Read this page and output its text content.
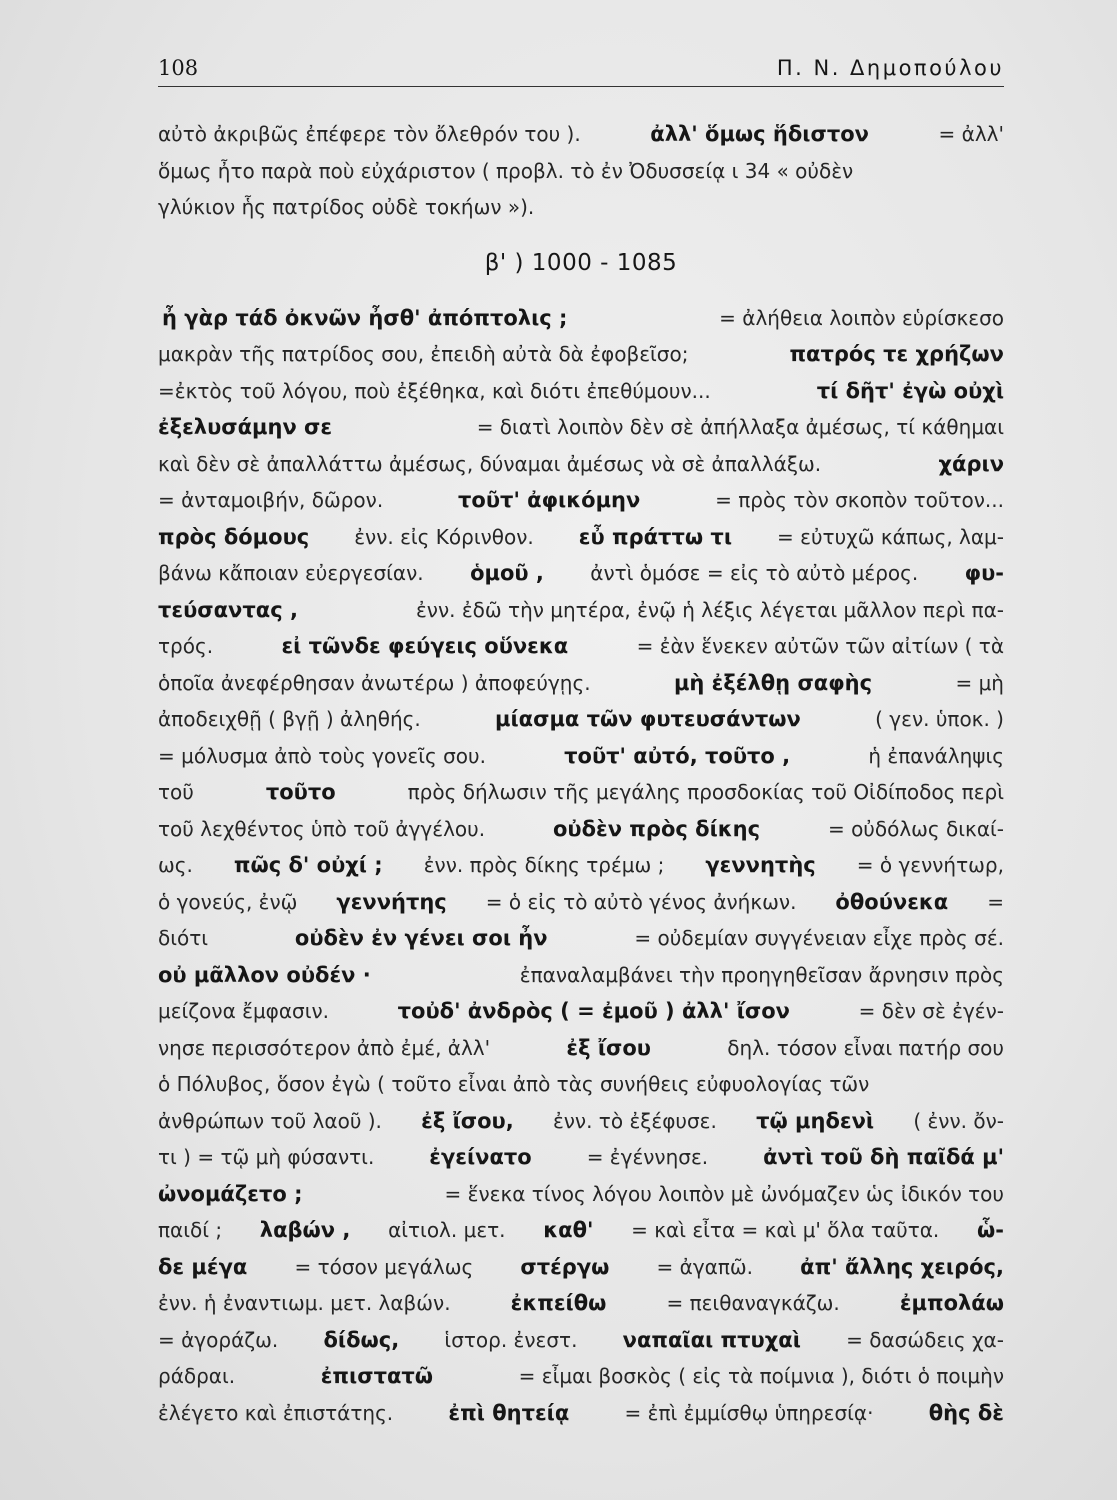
108	Π. Ν. Δημοπούλου
αὐτὸ ἀκριβῶς ἐπέφερε τὸν ὄλεθρόν του ).	ἀλλ' ὅμως ἥδιστον	= ἀλλ'
ὅμως ἦτο παρὰ ποὺ εὐχάριστον ( προβλ. τὸ ἐν Ὀδυσσείᾳ ι 34 « οὐδὲν
γλύκιον ἧς πατρίδος οὐδὲ τοκήων »).
β' ) 1000 - 1085
ἦ γὰρ τάδ ὀκνῶν ἦσθ' ἀπόπτολις ;	= ἀλήθεια λοιπὸν εὑρίσκεσο
μακρὰν τῆς πατρίδος σου, ἐπειδὴ αὐτὰ δὰ ἐφοβεῖσο;	πατρός τε χρήζων
=ἐκτὸς τοῦ λόγου, ποὺ ἐξέθηκα, καὶ διότι ἐπεθύμουν...	τί δῆτ' ἐγὼ οὐχὶ
ἐξελυσάμην σε	= διατὶ λοιπὸν δὲν σὲ ἀπήλλαξα ἀμέσως, τί κάθημαι
καὶ δὲν σὲ ἀπαλλάττω ἀμέσως, δύναμαι ἀμέσως νὰ σὲ ἀπαλλάξω.	χάριν
= ἀνταμοιβήν, δῶρον.	τοῦτ' ἀφικόμην	= πρὸς τὸν σκοπὸν τοῦτον...
πρὸς δόμους ἐνν. εἰς Κόρινθον. εὖ πράττω τι = εὐτυχῶ κάπως, λαμ-
βάνω κἄποιαν εὐεργεσίαν. ὁμοῦ , ἀντὶ ὁμόσε = εἰς τὸ αὐτὸ μέρος. φυ-
τεύσαντας ,	ἐνν. ἐδῶ τὴν μητέρα, ἐνῷ ἡ λέξις λέγεται μᾶλλον περὶ πα-
τρός.	εἰ τῶνδε φεύγεις οὕνεκα	= ἐὰν ἕνεκεν αὐτῶν τῶν αἰτίων ( τὰ
ὁποῖα ἀνεφέρθησαν ἀνωτέρω ) ἀποφεύγῃς.	μὴ ἐξέλθῃ σαφὴς	= μὴ
ἀποδειχθῇ ( βγῇ ) ἀληθής.	μίασμα τῶν φυτευσάντων	( γεν. ὑποκ. )
= μόλυσμα ἀπὸ τοὺς γονεῖς σου.	τοῦτ' αὐτό, τοῦτο ,	ἡ ἐπανάληψις
τοῦ	τοῦτο	πρὸς δήλωσιν τῆς μεγάλης προσδοκίας τοῦ Οἰδίποδος περὶ
τοῦ λεχθέντος ὑπὸ τοῦ ἀγγέλου.	οὐδὲν πρὸς δίκης	= οὐδόλως δικαί-
ως. πῶς δ' οὐχί ; ἐνν. πρὸς δίκης τρέμω ; γεννητὴς = ὁ γεννήτωρ,
ὁ γονεύς, ἐνῷ γεννήτης = ὁ εἰς τὸ αὐτὸ γένος ἀνήκων. ὀθούνεκα =
διότι	οὐδὲν ἐν γένει σοι ἦν	= οὐδεμίαν συγγένειαν εἶχε πρὸς σέ.
οὐ μᾶλλον οὐδέν ·	ἐπαναλαμβάνει τὴν προηγηθεῖσαν ἄρνησιν πρὸς
μείζονα ἔμφασιν.	τοὐδ' ἀνδρὸς ( = ἐμοῦ ) ἀλλ' ἴσον	= δὲν σὲ ἐγέν-
νησε περισσότερον ἀπὸ ἐμέ, ἀλλ'	ἐξ ἴσου	δηλ. τόσον εἶναι πατήρ σου
ὁ Πόλυβος, ὅσον ἐγὼ ( τοῦτο εἶναι ἀπὸ τὰς συνήθεις εὐφυολογίας τῶν
ἀνθρώπων τοῦ λαοῦ ). ἐξ ἴσου, ἐνν. τὸ ἐξέφυσε. τῷ μηδενὶ ( ἐνν. ὄν-
τι ) = τῷ μὴ φύσαντι.	ἐγείνατο	= ἐγέννησε.	ἀντὶ τοῦ δὴ παῖδά μ'
ὠνομάζετο ;	= ἕνεκα τίνος λόγου λοιπὸν μὲ ὠνόμαζεν ὡς ἰδικόν του
παιδί ; λαβών , αἰτιολ. μετ. καθ' = καὶ εἶτα = καὶ μ' ὅλα ταῦτα. ὧ-
δε μέγα = τόσον μεγάλως στέργω = ἀγαπῶ. ἀπ' ἄλλης χειρός,
ἐνν. ἡ ἐναντιωμ. μετ. λαβών.	ἐκπείθω	= πειθαναγκάζω.	ἐμπολάω
= ἀγοράζω. δίδως, ἱστορ. ἐνεστ. ναπαῖαι πτυχαὶ = δασώδεις χα-
ράδραι.	ἐπιστατῶ	= εἶμαι βοσκὸς ( εἰς τὰ ποίμνια ), διότι ὁ ποιμὴν
ἐλέγετο καὶ ἐπιστάτης.	ἐπὶ θητείᾳ	= ἐπὶ ἐμμίσθῳ ὑπηρεσίᾳ·	θὴς δὲ
